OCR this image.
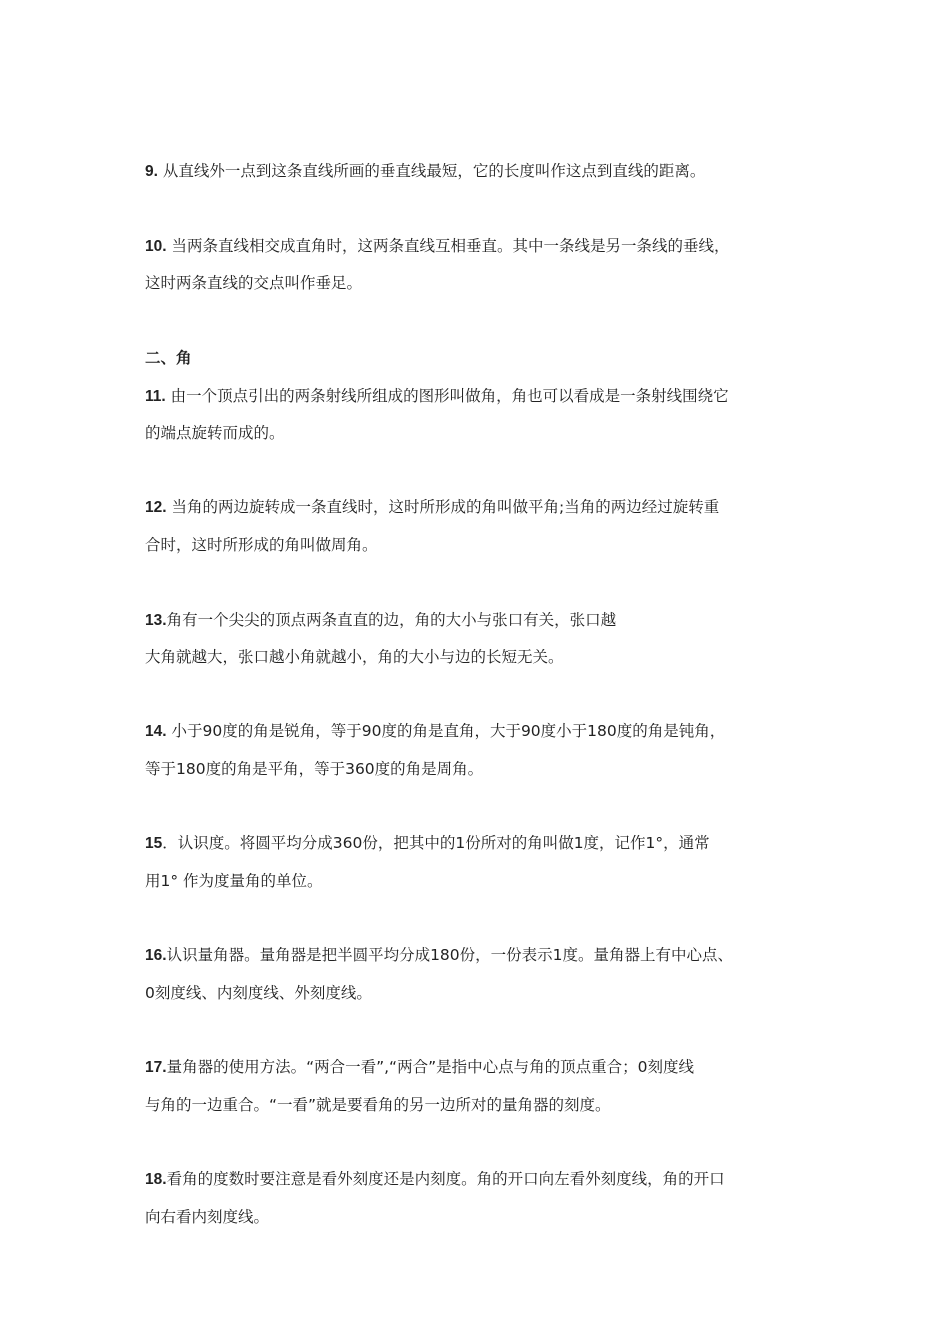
9. 从直线外一点到这条直线所画的垂直线最短，它的长度叫作这点到直线的距离。
10. 当两条直线相交成直角时，这两条直线互相垂直。其中一条线是另一条线的垂线，
这时两条直线的交点叫作垂足。
二、角
11. 由一个顶点引出的两条射线所组成的图形叫做角，角也可以看成是一条射线围绕它
的端点旋转而成的。
12. 当角的两边旋转成一条直线时，这时所形成的角叫做平角;当角的两边经过旋转重
合时，这时所形成的角叫做周角。
13.角有一个尖尖的顶点两条直直的边，角的大小与张口有关，张口越
大角就越大，张口越小角就越小，角的大小与边的长短无关。
14. 小于90度的角是锐角，等于90度的角是直角，大于90度小于180度的角是钝角，
等于180度的角是平角，等于360度的角是周角。
15．认识度。将圆平均分成360份，把其中的1份所对的角叫做1度，记作1°，通常
用1° 作为度量角的单位。
16.认识量角器。量角器是把半圆平均分成180份，一份表示1度。量角器上有中心点、
0刻度线、内刻度线、外刻度线。
17.量角器的使用方法。“两合一看”,“两合”是指中心点与角的顶点重合；0刻度线
与角的一边重合。“一看”就是要看角的另一边所对的量角器的刻度。
18.看角的度数时要注意是看外刻度还是内刻度。角的开口向左看外刻度线，角的开口
向右看内刻度线。
